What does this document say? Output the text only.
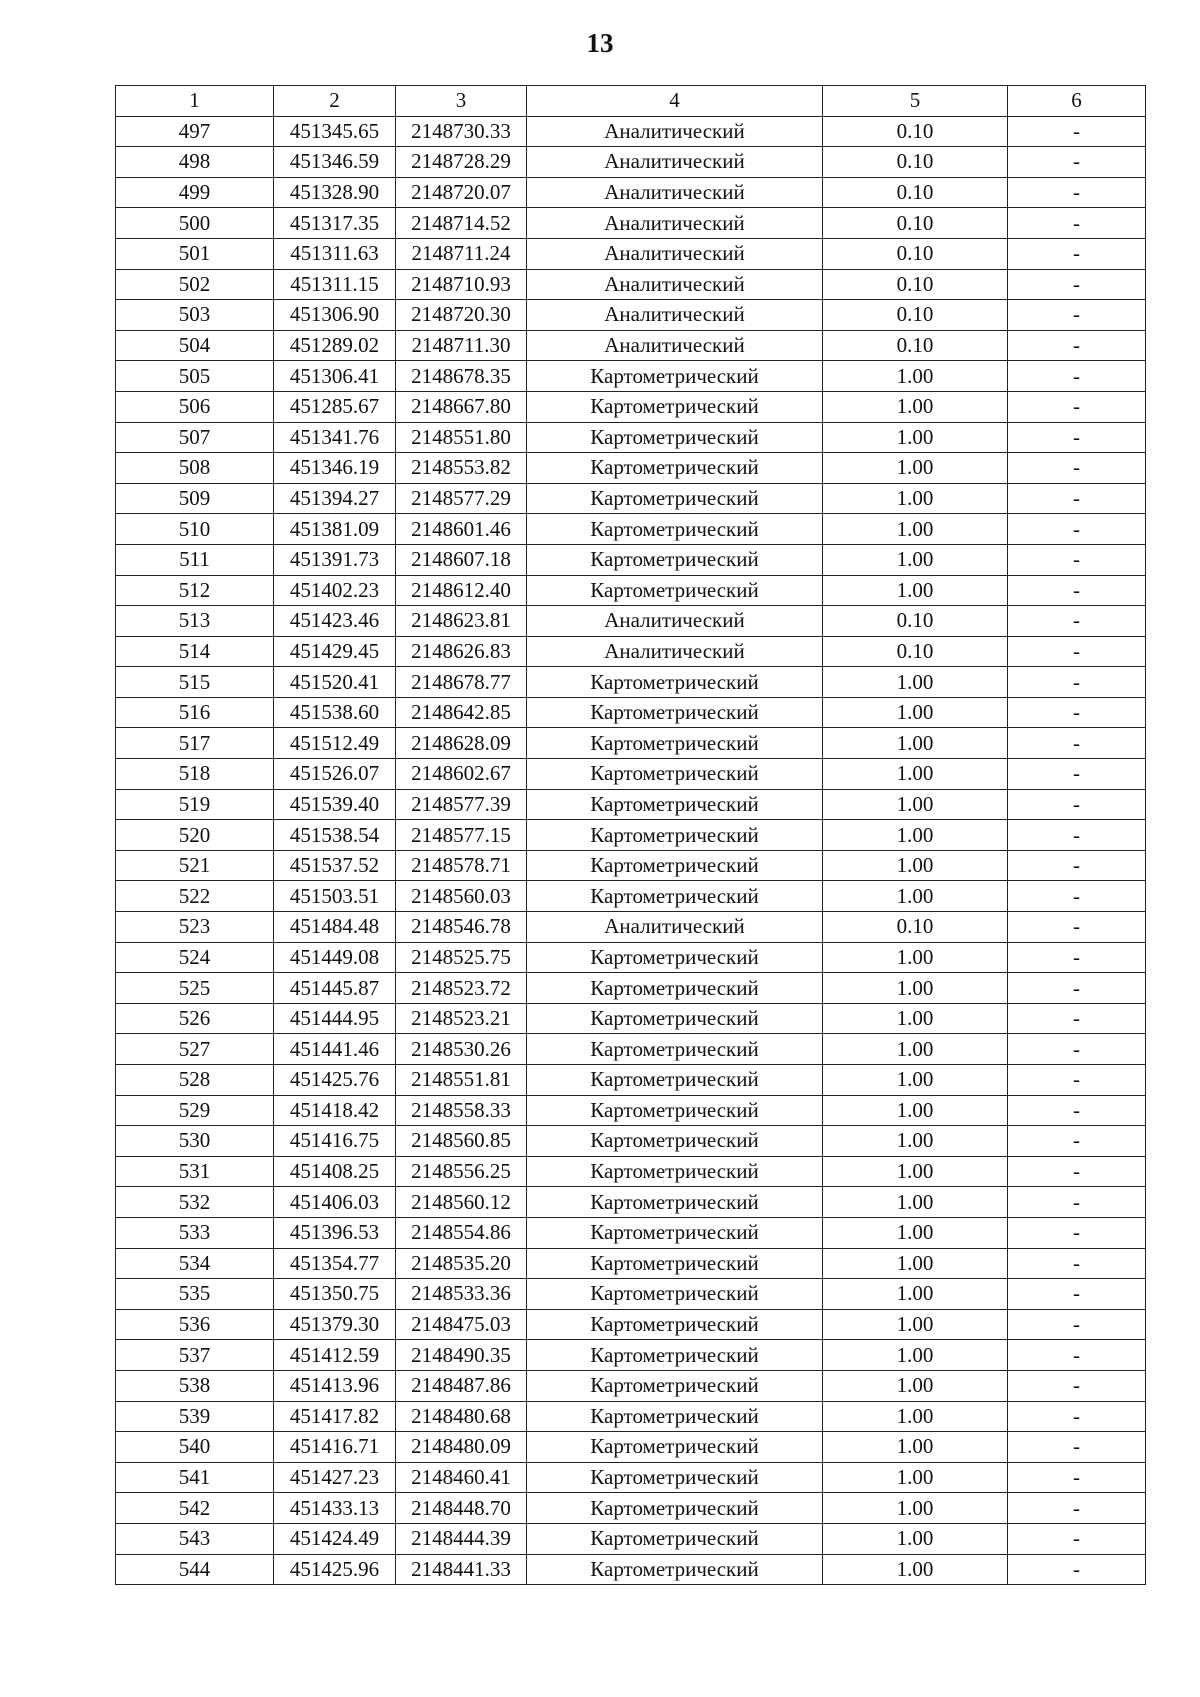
13
1	2	3	4	5	6
497	451345.65	2148730.33	Аналитический	0.10	-
498	451346.59	2148728.29	Аналитический	0.10	-
499	451328.90	2148720.07	Аналитический	0.10	-
500	451317.35	2148714.52	Аналитический	0.10	-
501	451311.63	2148711.24	Аналитический	0.10	-
502	451311.15	2148710.93	Аналитический	0.10	-
503	451306.90	2148720.30	Аналитический	0.10	-
504	451289.02	2148711.30	Аналитический	0.10	-
505	451306.41	2148678.35	Картометрический	1.00	-
506	451285.67	2148667.80	Картометрический	1.00	-
507	451341.76	2148551.80	Картометрический	1.00	-
508	451346.19	2148553.82	Картометрический	1.00	-
509	451394.27	2148577.29	Картометрический	1.00	-
510	451381.09	2148601.46	Картометрический	1.00	-
511	451391.73	2148607.18	Картометрический	1.00	-
512	451402.23	2148612.40	Картометрический	1.00	-
513	451423.46	2148623.81	Аналитический	0.10	-
514	451429.45	2148626.83	Аналитический	0.10	-
515	451520.41	2148678.77	Картометрический	1.00	-
516	451538.60	2148642.85	Картометрический	1.00	-
517	451512.49	2148628.09	Картометрический	1.00	-
518	451526.07	2148602.67	Картометрический	1.00	-
519	451539.40	2148577.39	Картометрический	1.00	-
520	451538.54	2148577.15	Картометрический	1.00	-
521	451537.52	2148578.71	Картометрический	1.00	-
522	451503.51	2148560.03	Картометрический	1.00	-
523	451484.48	2148546.78	Аналитический	0.10	-
524	451449.08	2148525.75	Картометрический	1.00	-
525	451445.87	2148523.72	Картометрический	1.00	-
526	451444.95	2148523.21	Картометрический	1.00	-
527	451441.46	2148530.26	Картометрический	1.00	-
528	451425.76	2148551.81	Картометрический	1.00	-
529	451418.42	2148558.33	Картометрический	1.00	-
530	451416.75	2148560.85	Картометрический	1.00	-
531	451408.25	2148556.25	Картометрический	1.00	-
532	451406.03	2148560.12	Картометрический	1.00	-
533	451396.53	2148554.86	Картометрический	1.00	-
534	451354.77	2148535.20	Картометрический	1.00	-
535	451350.75	2148533.36	Картометрический	1.00	-
536	451379.30	2148475.03	Картометрический	1.00	-
537	451412.59	2148490.35	Картометрический	1.00	-
538	451413.96	2148487.86	Картометрический	1.00	-
539	451417.82	2148480.68	Картометрический	1.00	-
540	451416.71	2148480.09	Картометрический	1.00	-
541	451427.23	2148460.41	Картометрический	1.00	-
542	451433.13	2148448.70	Картометрический	1.00	-
543	451424.49	2148444.39	Картометрический	1.00	-
544	451425.96	2148441.33	Картометрический	1.00	-
